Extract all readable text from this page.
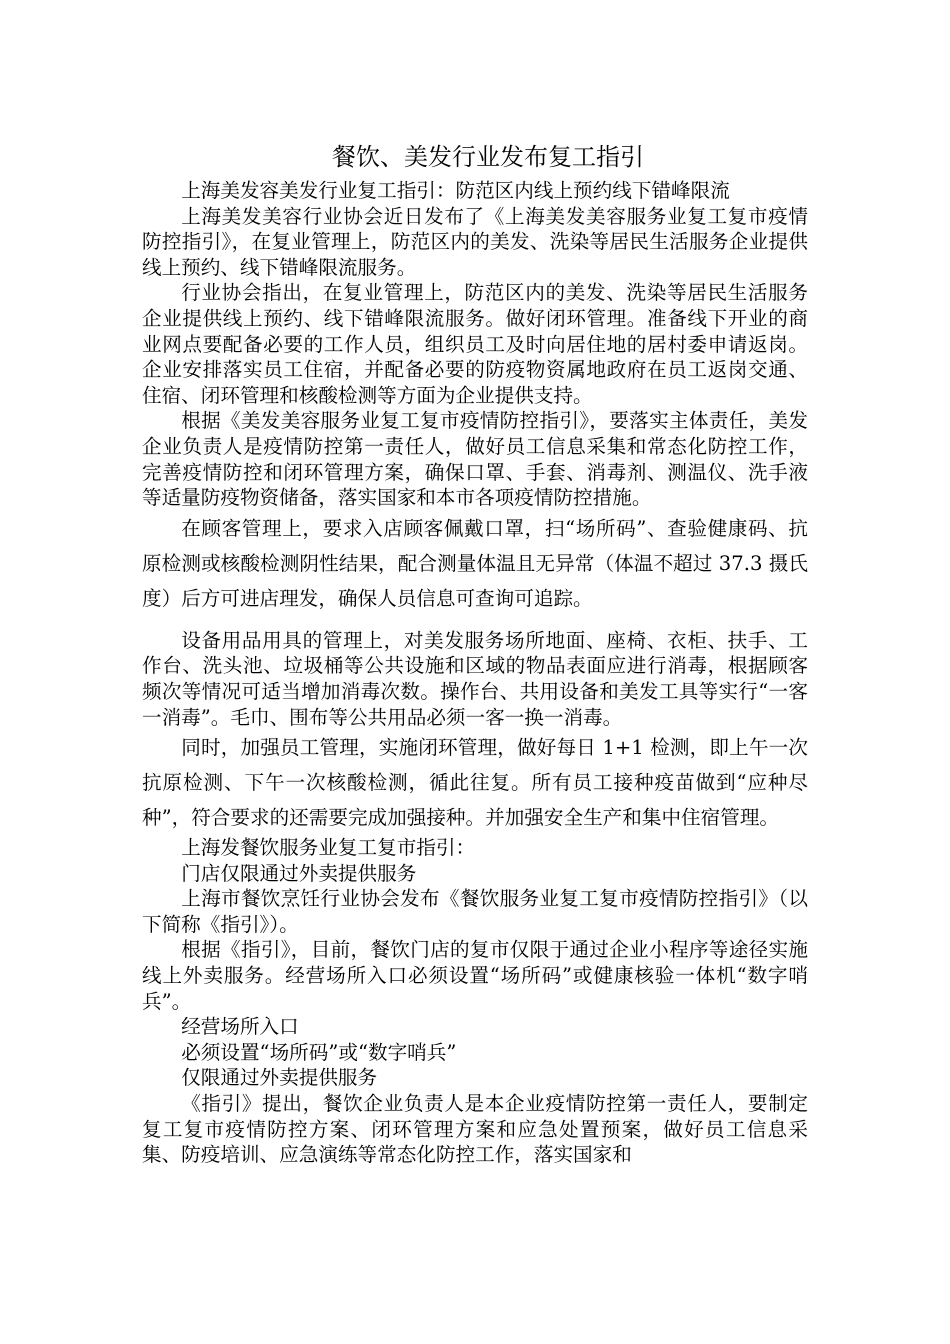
餐饮、美发行业发布复工指引

上海美发容美发行业复工指引：防范区内线上预约线下错峰限流

上海美发美容行业协会近日发布了《上海美发美容服务业复工复市疫情防控指引》，在复业管理上，防范区内的美发、洗染等居民生活服务企业提供线上预约、线下错峰限流服务。

行业协会指出，在复业管理上，防范区内的美发、洗染等居民生活服务企业提供线上预约、线下错峰限流服务。做好闭环管理。准备线下开业的商业网点要配备必要的工作人员，组织员工及时向居住地的居村委申请返岗。企业安排落实员工住宿，并配备必要的防疫物资属地政府在员工返岗交通、住宿、闭环管理和核酸检测等方面为企业提供支持。

根据《美发美容服务业复工复市疫情防控指引》，要落实主体责任，美发企业负责人是疫情防控第一责任人，做好员工信息采集和常态化防控工作，完善疫情防控和闭环管理方案，确保口罩、手套、消毒剂、测温仪、洗手液等适量防疫物资储备，落实国家和本市各项疫情防控措施。

在顾客管理上，要求入店顾客佩戴口罩，扫“场所码”、查验健康码、抗原检测或核酸检测阴性结果，配合测量体温且无异常（体温不超过 37.3 摄氏度）后方可进店理发，确保人员信息可查询可追踪。

设备用品用具的管理上，对美发服务场所地面、座椅、衣柜、扶手、工作台、洗头池、垃圾桶等公共设施和区域的物品表面应进行消毒，根据顾客频次等情况可适当增加消毒次数。操作台、共用设备和美发工具等实行“一客一消毒”。毛巾、围布等公共用品必须一客一换一消毒。

同时，加强员工管理，实施闭环管理，做好每日 1+1 检测，即上午一次抗原检测、下午一次核酸检测，循此往复。所有员工接种疫苗做到“应种尽种”，符合要求的还需要完成加强接种。并加强安全生产和集中住宿管理。

上海发餐饮服务业复工复市指引：

门店仅限通过外卖提供服务

上海市餐饮烹饪行业协会发布《餐饮服务业复工复市疫情防控指引》（以下简称《指引》）。

根据《指引》，目前，餐饮门店的复市仅限于通过企业小程序等途径实施线上外卖服务。经营场所入口必须设置“场所码”或健康核验一体机“数字哨兵”。

经营场所入口

必须设置“场所码”或“数字哨兵”

仅限通过外卖提供服务

《指引》提出，餐饮企业负责人是本企业疫情防控第一责任人，要制定复工复市疫情防控方案、闭环管理方案和应急处置预案，做好员工信息采集、防疫培训、应急演练等常态化防控工作，落实国家和
